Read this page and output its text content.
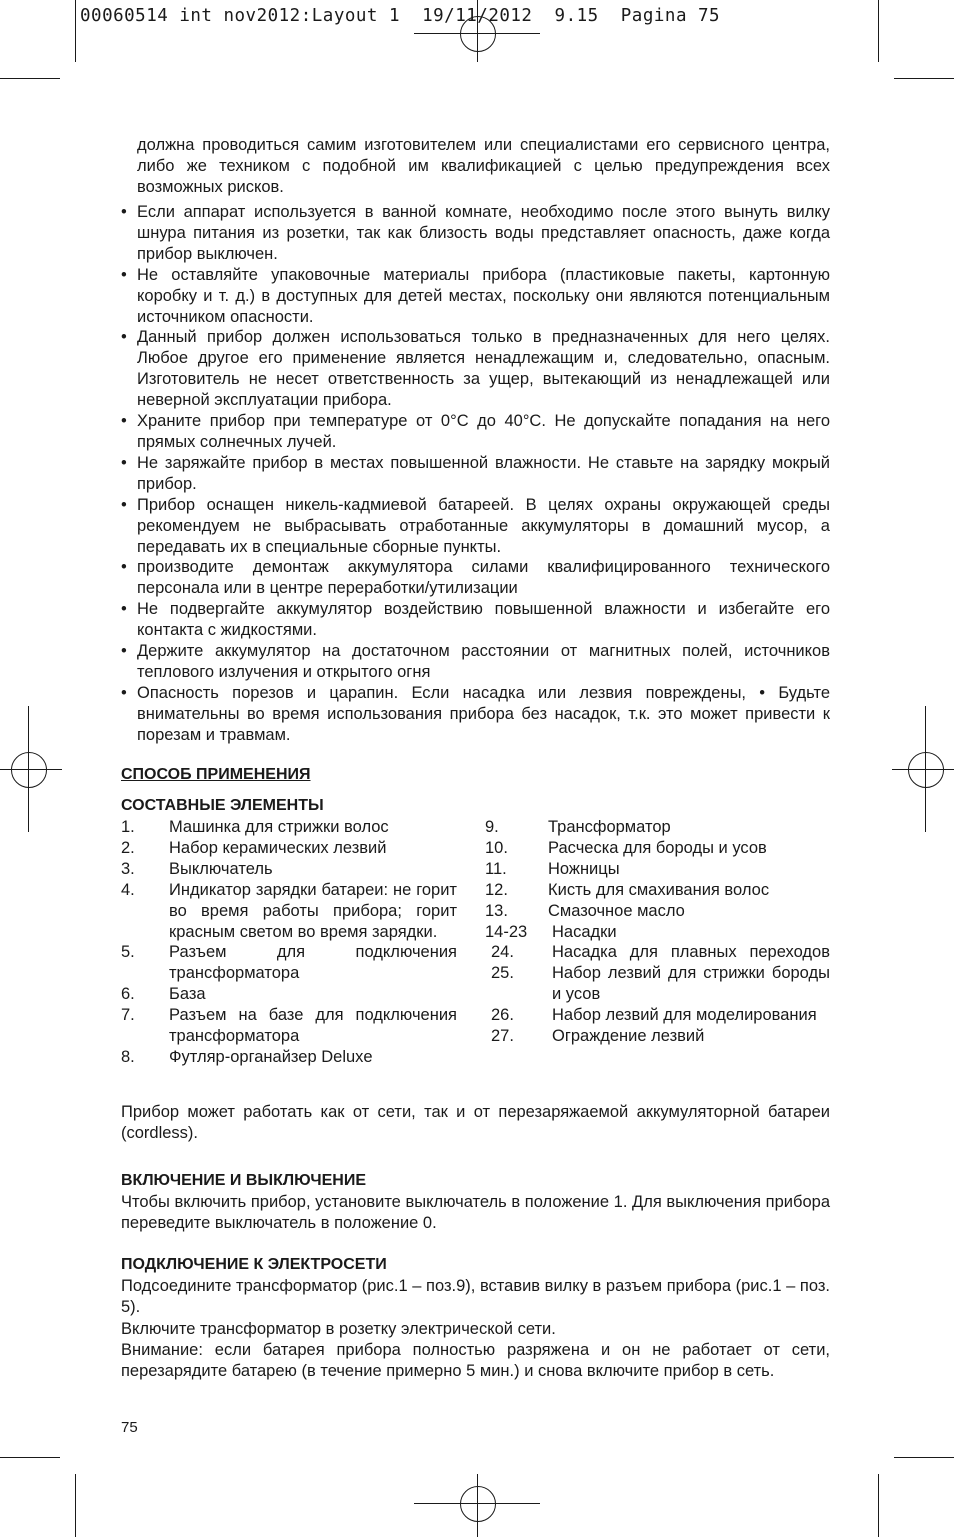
00060514 int nov2012:Layout 1  19/11/2012  9.15  Pagina 75
должна проводиться самим изготовителем или специалистами его сервисного центра, либо же техником с подобной им квалификацией с целью предупреждения всех возможных рисков.
• Если аппарат используется в ванной комнате, необходимо после этого вынуть вилку шнура питания из розетки, так как близость воды представляет опасность, даже когда прибор выключен.
• Не оставляйте упаковочные материалы прибора (пластиковые пакеты, картонную коробку и т. д.) в доступных для детей местах, поскольку они являются потенциальным источником опасности.
• Данный прибор должен использоваться только в предназначенных для него целях. Любое другое его применение является ненадлежащим и, следовательно, опасным. Изготовитель не несет ответственность за ущер, вытекающий из ненадлежащей или неверной эксплуатации прибора.
• Храните прибор при температуре от 0°С до 40°С. Не допускайте попадания на него прямых солнечных лучей.
• Не заряжайте прибор в местах повышенной влажности. Не ставьте на зарядку мокрый прибор.
• Прибор оснащен никель-кадмиевой батареей. В целях охраны окружающей среды рекомендуем не выбрасывать отработанные аккумуляторы в домашний мусор, а передавать их в специальные сборные пункты.
• производите демонтаж аккумулятора силами квалифицированного технического персонала или в центре переработки/утилизации
• Не подвергайте аккумулятор воздействию повышенной влажности и избегайте его контакта с жидкостями.
• Держите аккумулятор на достаточном расстоянии от магнитных полей, источников теплового излучения и открытого огня
• Опасность порезов и царапин. Если насадка или лезвия повреждены, • Будьте внимательны во время использования прибора без насадок, т.к. это может привести к порезам и травмам.
СПОСОБ ПРИМЕНЕНИЯ
СОСТАВНЫЕ ЭЛЕМЕНТЫ
1.	Машинка для стрижки волос
2.	Набор керамических лезвий
3.	Выключатель
4.	Индикатор зарядки батареи: не горит во время работы прибора; горит красным светом во время зарядки.
5.	Разъем для подключения трансформатора
6.	База
7.	Разъем на базе для подключения трансформатора
8.	Футляр-органайзер Deluxe
9.	Трансформатор
10.	Расческа для бороды и усов
11.	Ножницы
12.	Кисть для смахивания волос
13.	Смазочное масло
14-23	Насадки
24.	Насадка для плавных переходов
25.	Набор лезвий для стрижки бороды и усов
26.	Набор лезвий для моделирования
27.	Ограждение лезвий
Прибор может работать как от сети, так и от перезаряжаемой аккумуляторной батареи (cordless).
ВКЛЮЧЕНИЕ И ВЫКЛЮЧЕНИЕ
Чтобы включить прибор, установите выключатель в положение 1. Для выключения прибора переведите выключатель в положение 0.
ПОДКЛЮЧЕНИЕ К ЭЛЕКТРОСЕТИ
Подсоедините трансформатор (рис.1 – поз.9), вставив вилку в разъем прибора (рис.1 – поз. 5).
Включите трансформатор в розетку электрической сети.
Внимание: если батарея прибора полностью разряжена и он не работает от сети, перезарядите батарею (в течение примерно 5 мин.) и снова включите прибор в сеть.
75
